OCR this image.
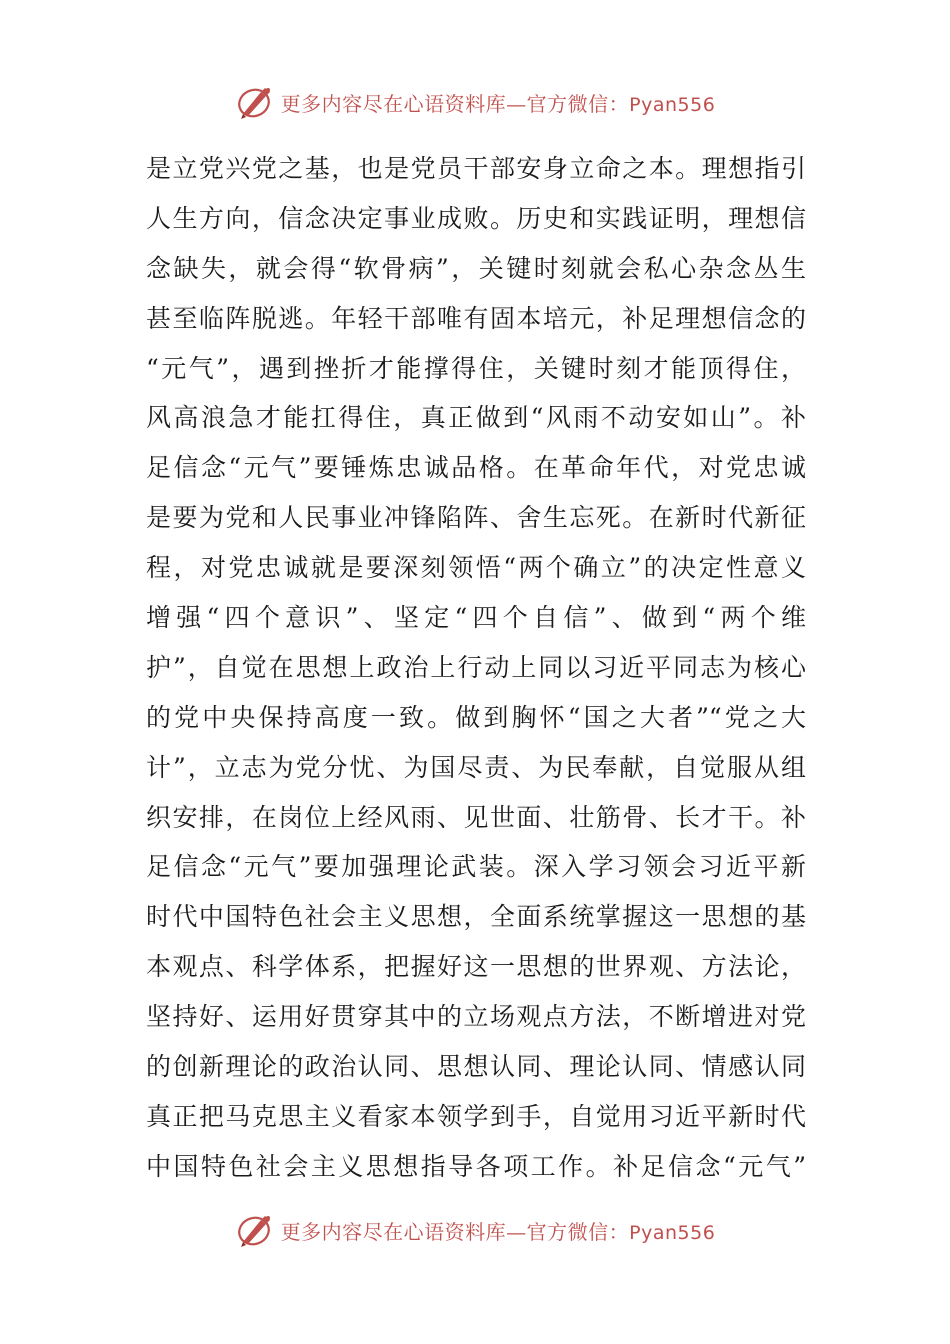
更多内容尽在心语资料库—官方微信：Pyan556
是立党兴党之基，也是党员干部安身立命之本。理想指引
人生方向，信念决定事业成败。历史和实践证明，理想信
念缺失，就会得“软骨病”，关键时刻就会私心杂念丛生
甚至临阵脱逃。年轻干部唯有固本培元，补足理想信念的
“元气”，遇到挫折才能撑得住，关键时刻才能顶得住，
风高浪急才能扛得住，真正做到“风雨不动安如山”。补
足信念“元气”要锤炼忠诚品格。在革命年代，对党忠诚
是要为党和人民事业冲锋陷阵、舍生忘死。在新时代新征
程，对党忠诚就是要深刻领悟“两个确立”的决定性意义
增强“四个意识”、坚定“四个自信”、做到“两个维
护”，自觉在思想上政治上行动上同以习近平同志为核心
的党中央保持高度一致。做到胸怀“国之大者”“党之大
计”，立志为党分忧、为国尽责、为民奉献，自觉服从组
织安排，在岗位上经风雨、见世面、壮筋骨、长才干。补
足信念“元气”要加强理论武装。深入学习领会习近平新
时代中国特色社会主义思想，全面系统掌握这一思想的基
本观点、科学体系，把握好这一思想的世界观、方法论，
坚持好、运用好贯穿其中的立场观点方法，不断增进对党
的创新理论的政治认同、思想认同、理论认同、情感认同
真正把马克思主义看家本领学到手，自觉用习近平新时代
中国特色社会主义思想指导各项工作。补足信念“元气”
更多内容尽在心语资料库—官方微信：Pyan556
